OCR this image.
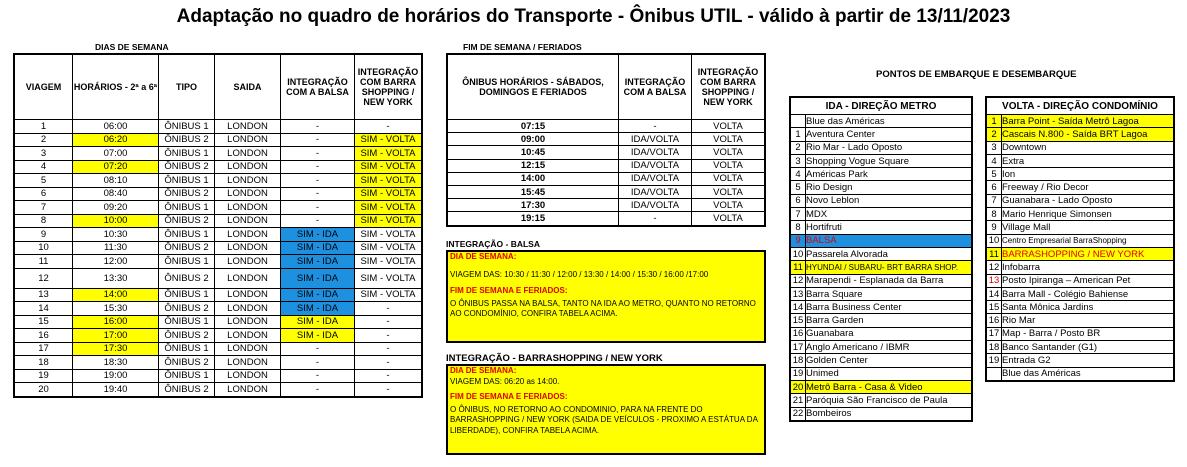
Adaptação no quadro de horários do Transporte - Ônibus UTIL - válido à partir de 13/11/2023
DIAS DE SEMANA
VIAGEM	HORÁRIOS - 2ª a 6ª	TIPO	SAIDA	INTEGRAÇÃO COM A BALSA	INTEGRAÇÃO COM BARRA SHOPPING / NEW YORK
1	06:00	ÔNIBUS 1	LONDON	-	-
2	06:20	ÔNIBUS 2	LONDON	-	SIM - VOLTA
3	07:00	ÔNIBUS 1	LONDON	-	SIM - VOLTA
4	07:20	ÔNIBUS 2	LONDON	-	SIM - VOLTA
5	08:10	ÔNIBUS 1	LONDON	-	SIM - VOLTA
6	08:40	ÔNIBUS 2	LONDON	-	SIM - VOLTA
7	09:20	ÔNIBUS 1	LONDON	-	SIM - VOLTA
8	10:00	ÔNIBUS 2	LONDON	-	SIM - VOLTA
9	10:30	ÔNIBUS 1	LONDON	SIM - IDA	SIM - VOLTA
10	11:30	ÔNIBUS 2	LONDON	SIM - IDA	SIM - VOLTA
11	12:00	ÔNIBUS 1	LONDON	SIM - IDA	SIM - VOLTA
12	13:30	ÔNIBUS 2	LONDON	SIM - IDA	SIM - VOLTA
13	14:00	ÔNIBUS 1	LONDON	SIM - IDA	SIM - VOLTA
14	15:30	ÔNIBUS 2	LONDON	SIM - IDA	-
15	16:00	ÔNIBUS 1	LONDON	SIM - IDA	-
16	17:00	ÔNIBUS 2	LONDON	SIM - IDA	-
17	17:30	ÔNIBUS 1	LONDON	-	-
18	18:30	ÔNIBUS 2	LONDON	-	-
19	19:00	ÔNIBUS 1	LONDON	-	-
20	19:40	ÔNIBUS 2	LONDON	-	-
FIM DE SEMANA / FERIADOS
ÔNIBUS HORÁRIOS - SÁBADOS, DOMINGOS E FERIADOS	INTEGRAÇÃO COM A BALSA	INTEGRAÇÃO COM BARRA SHOPPING / NEW YORK
07:15	-	VOLTA
09:00	IDA/VOLTA	VOLTA
10:45	IDA/VOLTA	VOLTA
12:15	IDA/VOLTA	VOLTA
14:00	IDA/VOLTA	VOLTA
15:45	IDA/VOLTA	VOLTA
17:30	IDA/VOLTA	VOLTA
19:15	-	VOLTA
INTEGRAÇÃO - BALSA
DIA DE SEMANA:
VIAGEM DAS: 10:30 / 11:30 / 12:00 / 13:30 / 14:00 / 15:30 / 16:00 /17:00
FIM DE SEMANA E FERIADOS:
O ÔNIBUS PASSA NA BALSA, TANTO NA IDA AO METRO, QUANTO NO RETORNO AO CONDOMÍNIO, CONFIRA TABELA ACIMA.
INTEGRAÇÃO - BARRASHOPPING / NEW YORK
DIA DE SEMANA:
VIAGEM DAS: 06:20 as 14:00.
FIM DE SEMANA E FERIADOS:
O ÔNIBUS, NO RETORNO AO CONDOMINIO, PARA NA FRENTE DO BARRASHOPPING / NEW YORK (SAIDA DE VEÍCULOS - PROXIMO A ESTÁTUA DA LIBERDADE), CONFIRA TABELA ACIMA.
PONTOS DE EMBARQUE E DESEMBARQUE
IDA - DIREÇÃO METRO	
	Blue das Américas
1	Aventura Center
2	Rio Mar - Lado Oposto
3	Shopping Vogue Square
4	Américas Park
5	Rio Design
6	Novo Leblon
7	MDX
8	Hortifruti
9	BALSA
10	Passarela Alvorada
11	HYUNDAI / SUBARU- BRT BARRA SHOP.
12	Marapendi - Esplanada da Barra
13	Barra Square
14	Barra Business Center
15	Barra Garden
16	Guanabara
17	Anglo Americano / IBMR
18	Golden Center
19	Unimed
20	Metrô Barra - Casa & Video
21	Paróquia São Francisco de Paula
22	Bombeiros
VOLTA - DIREÇÃO CONDOMÍNIO	
1	Barra Point - Saída Metrô Lagoa
2	Cascais N.800 - Saída BRT Lagoa
3	Downtown
4	Extra
5	Ion
6	Freeway / Rio Decor
7	Guanabara - Lado Oposto
8	Mario Henrique Simonsen
9	Village Mall
10	Centro Empresarial BarraShopping
11	BARRASHOPPING / NEW YORK
12	Infobarra
13	Posto Ipiranga – American Pet
14	Barra Mall - Colégio Bahiense
15	Santa Mônica Jardins
16	Rio Mar
17	Map - Barra / Posto BR
18	Banco Santander (G1)
19	Entrada G2
	Blue das Américas
